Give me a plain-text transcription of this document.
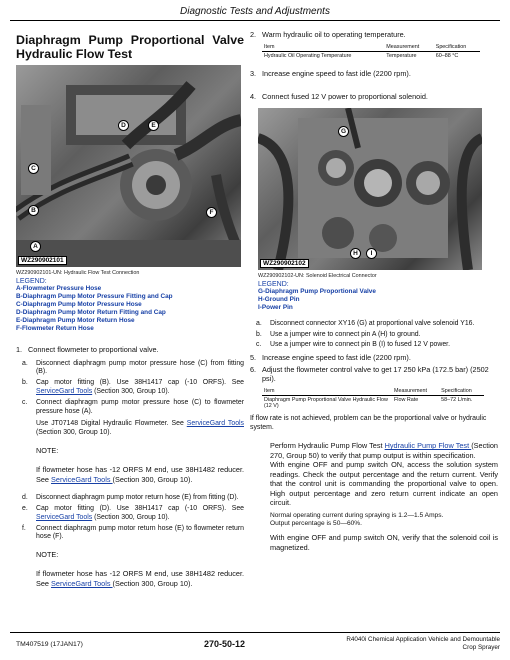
Diagnostic Tests and Adjustments
Diaphragm Pump Proportional Valve Hydraulic Flow Test
A
B
C
D	E
F
WZ290902101
WZ290902101-UN: Hydraulic Flow Test Connection
LEGEND:
A-Flowmeter Pressure Hose
B-Diaphragm Pump Motor Pressure Fitting and Cap
C-Diaphragm Pump Motor Pressure Hose
D-Diaphragm Pump Motor Return Fitting and Cap
E-Diaphragm Pump Motor Return Hose
F-Flowmeter Return Hose
1. Connect flowmeter to proportional valve.
a. Disconnect diaphragm pump motor pressure hose (C) from fitting (B).
b. Cap motor fitting (B). Use 38H1417 cap (-10 ORFS). See ServiceGard Tools (Section 300, Group 10).
c. Connect diaphragm pump motor pressure hose (C) to flowmeter pressure hose (A).
Use JT07148 Digital Hydraulic Flowmeter. See ServiceGard Tools (Section 300, Group 10).
NOTE:
If flowmeter hose has -12 ORFS M end, use 38H1482 reducer. See ServiceGard Tools (Section 300, Group 10).
d. Disconnect diaphragm pump motor return hose (E) from fitting (D).
e. Cap motor fitting (D). Use 38H1417 cap (-10 ORFS). See ServiceGard Tools (Section 300, Group 10).
f. Connect diaphragm pump motor return hose (E) to flowmeter return hose (F).
NOTE:
If flowmeter hose has -12 ORFS M end, use 38H1482 reducer. See ServiceGard Tools (Section 300, Group 10).
2. Warm hydraulic oil to operating temperature.
Item	Measurement	Specification
Hydraulic Oil Operating Temperature	Temperature	60–88 °C
3. Increase engine speed to fast idle (2200 rpm).
4. Connect fused 12 V power to proportional solenoid.
G
H	I
WZ290902102
WZ290902102-UN: Solenoid Electrical Connector
LEGEND:
G-Diaphragm Pump Proportional Valve
H-Ground Pin
I-Power Pin
a. Disconnect connector XY16 (G) at proportional valve solenoid Y16.
b. Use a jumper wire to connect pin A (H) to ground.
c. Use a jumper wire to connect pin B (I) to fused 12 V power.
5. Increase engine speed to fast idle (2200 rpm).
6. Adjust the flowmeter control valve to get 17 250 kPa (172.5 bar) (2502 psi).
Item	Measurement	Specification
Diaphragm Pump Proportional Valve Hydraulic Flow (12 V)	Flow Rate	58–72 L/min.
If flow rate is not achieved, problem can be the proportional valve or hydraulic system.
Perform Hydraulic Pump Flow Test Hydraulic Pump Flow Test (Section 270, Group 50) to verify that pump output is within specification.
With engine OFF and pump switch ON, access the solution system readings. Check the output percentage and the return current. Verify that the control unit is commanding the proportional valve to open. High output percentage and zero return current indicate an open circuit.
Normal operating current during spraying is 1.2—1.5 Amps.
Output percentage is 50—60%.
With engine OFF and pump switch ON, verify that the solenoid coil is magnetized.
TM407519 (17JAN17)	270-50-12	R4040i Chemical Application Vehicle and Demountable
Crop Sprayer
